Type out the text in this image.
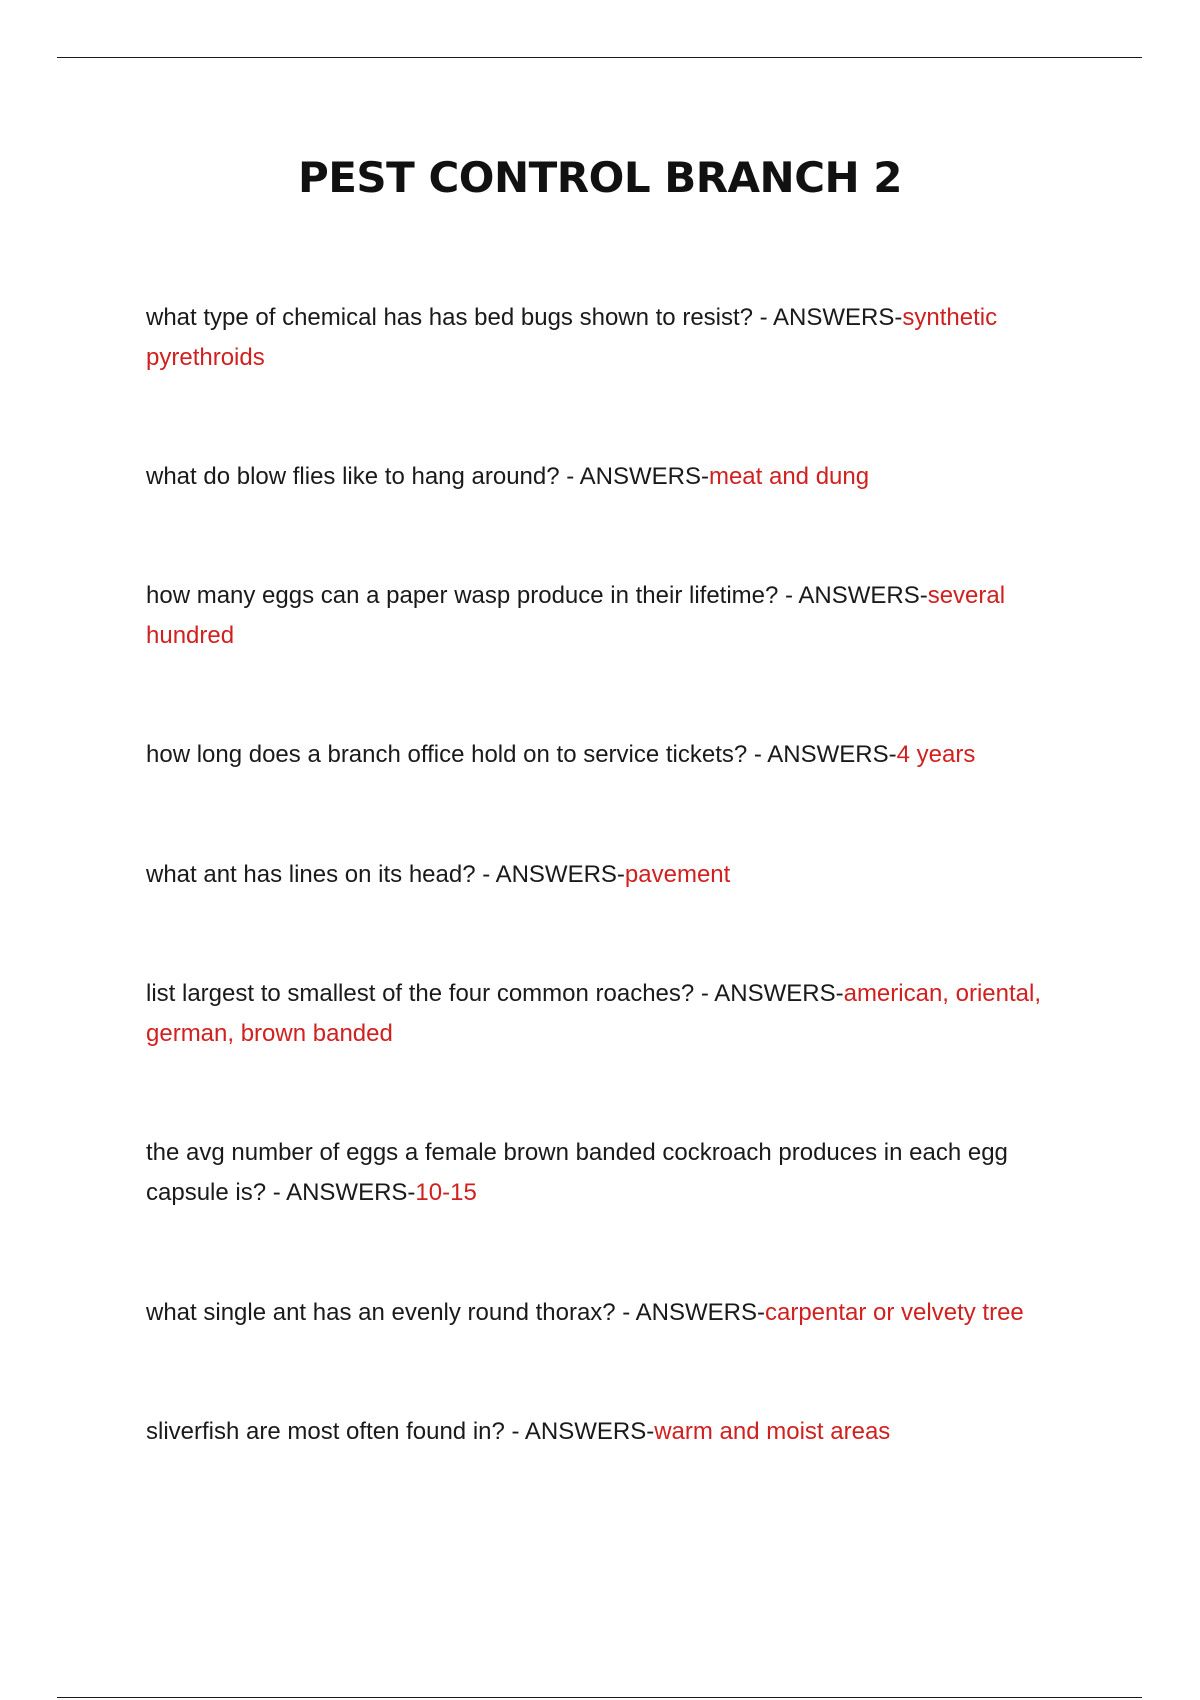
PEST CONTROL BRANCH 2

what type of chemical has has bed bugs shown to resist? - ANSWERS-synthetic pyrethroids

what do blow flies like to hang around? - ANSWERS-meat and dung

how many eggs can a paper wasp produce in their lifetime? - ANSWERS-several hundred

how long does a branch office hold on to service tickets? - ANSWERS-4 years

what ant has lines on its head? - ANSWERS-pavement

list largest to smallest of the four common roaches? - ANSWERS-american, oriental, german, brown banded

the avg number of eggs a female brown banded cockroach produces in each egg capsule is? - ANSWERS-10-15

what single ant has an evenly round thorax? - ANSWERS-carpentar or velvety tree

sliverfish are most often found in? - ANSWERS-warm and moist areas
